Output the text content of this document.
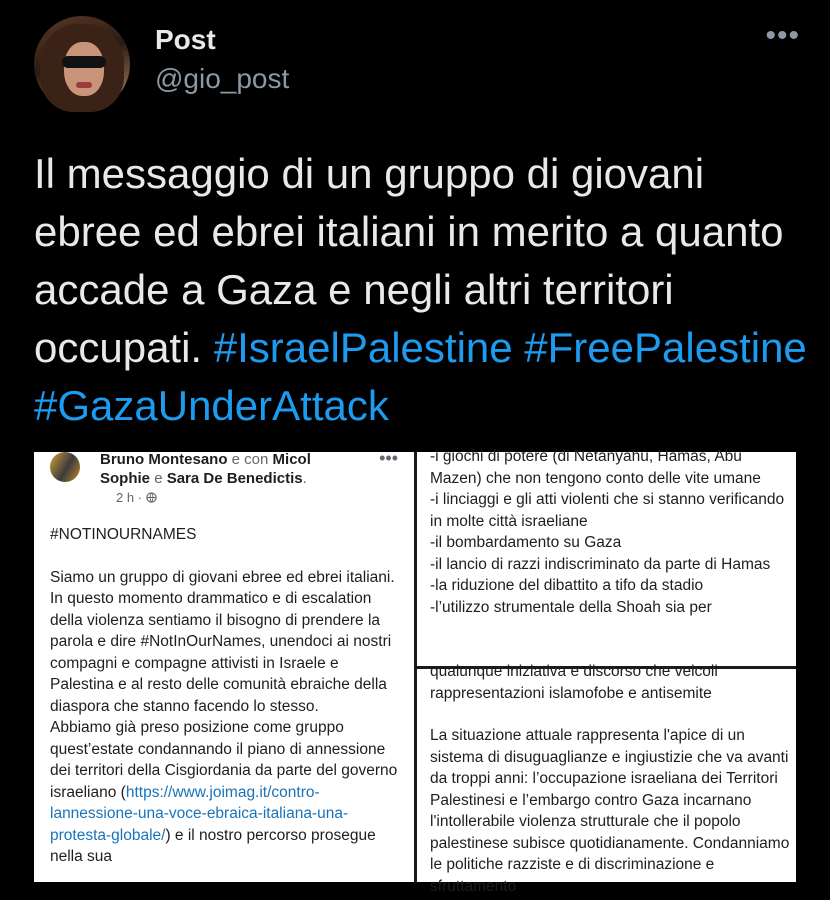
Post
@gio_post
•••
Il messaggio di un gruppo di giovani ebree ed ebrei italiani in merito a quanto accade a Gaza e negli altri territori occupati. #IsraelPalestine #FreePalestine #GazaUnderAttack
Bruno Montesano e con Micol Sophie e Sara De Benedictis.
2 h ·
•••

#NOTINOURNAMES

Siamo un gruppo di giovani ebree ed ebrei italiani.

In questo momento drammatico e di escalation della violenza sentiamo il bisogno di prendere la parola e dire #NotInOurNames, unendoci ai nostri compagni e compagne attivisti in Israele e Palestina e al resto delle comunità ebraiche della diaspora che stanno facendo lo stesso.

Abbiamo già preso posizione come gruppo quest’estate condannando il piano di annessione dei territori della Cisgiordania da parte del governo israeliano (https://www.joimag.it/contro-lannessione-una-voce-ebraica-italiana-una-protesta-globale/) e il nostro percorso prosegue nella sua

-i giochi di potere (di Netanyahu, Hamas, Abu Mazen) che non tengono conto delle vite umane

-i linciaggi e gli atti violenti che si stanno verificando in molte città israeliane

-il bombardamento su Gaza

-il lancio di razzi indiscriminato da parte di Hamas

-la riduzione del dibattito a tifo da stadio

-l’utilizzo strumentale della Shoah sia per

qualunque iniziativa e discorso che veicoli rappresentazioni islamofobe e antisemite

La situazione attuale rappresenta l'apice di un sistema di disuguaglianze e ingiustizie che va avanti da troppi anni: l’occupazione israeliana dei Territori Palestinesi e l’embargo contro Gaza incarnano l'intollerabile violenza strutturale che il popolo palestinese subisce quotidianamente. Condanniamo le politiche razziste e di discriminazione e sfruttamento
